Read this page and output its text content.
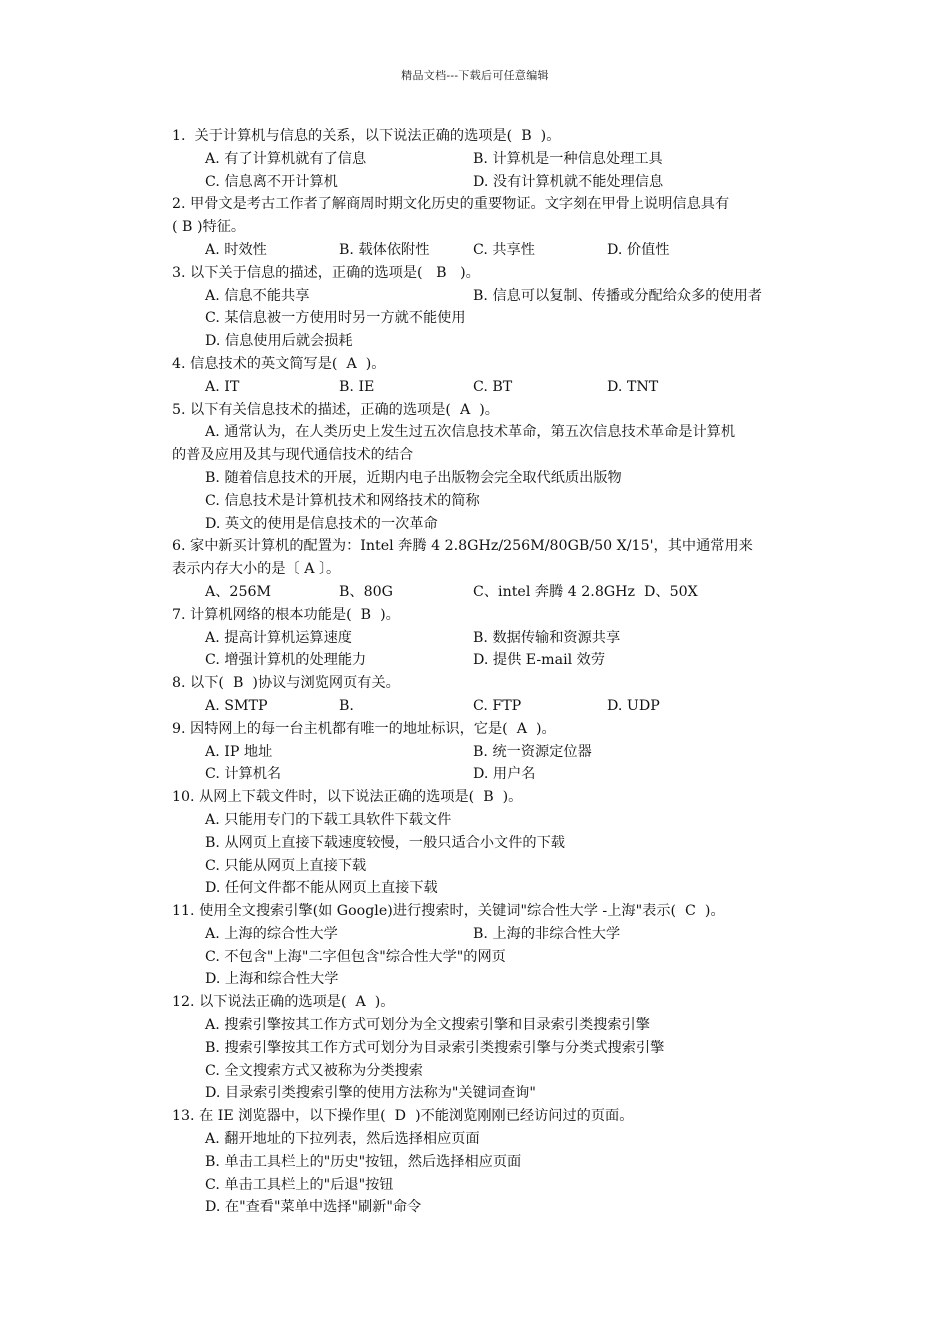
精品文档---下载后可任意编辑
1.  关于计算机与信息的关系，以下说法正确的选项是(  B  )。
A. 有了计算机就有了信息	B. 计算机是一种信息处理工具
C. 信息离不开计算机	D. 没有计算机就不能处理信息
2. 甲骨文是考古工作者了解商周时期文化历史的重要物证。文字刻在甲骨上说明信息具有
( B )特征。
A. 时效性	B. 载体依附性	C. 共享性	D. 价值性
3. 以下关于信息的描述，正确的选项是(   B   )。
A. 信息不能共享	B. 信息可以复制、传播或分配给众多的使用者
C. 某信息被一方使用时另一方就不能使用
D. 信息使用后就会损耗
4. 信息技术的英文简写是(  A  )。
A. IT	B. IE	C. BT	D. TNT
5. 以下有关信息技术的描述，正确的选项是(  A  )。
A. 通常认为，在人类历史上发生过五次信息技术革命，第五次信息技术革命是计算机
的普及应用及其与现代通信技术的结合
B. 随着信息技术的开展，近期内电子出版物会完全取代纸质出版物
C. 信息技术是计算机技术和网络技术的简称
D. 英文的使用是信息技术的一次革命
6. 家中新买计算机的配置为：Intel 奔腾 4 2.8GHz/256M/80GB/50 X/15'，其中通常用来
表示内存大小的是〔 A 〕。
A、256M	B、80G	C、intel 奔腾 4 2.8GHz  D、50X
7. 计算机网络的根本功能是(  B  )。
A. 提高计算机运算速度	B. 数据传输和资源共享
C. 增强计算机的处理能力	D. 提供 E-mail 效劳
8. 以下(  B  )协议与浏览网页有关。
A. SMTP	B.	C. FTP	D. UDP
9. 因特网上的每一台主机都有唯一的地址标识，它是(  A  )。
A. IP 地址	B. 统一资源定位器
C. 计算机名	D. 用户名
10. 从网上下载文件时，以下说法正确的选项是(  B  )。
A. 只能用专门的下载工具软件下载文件
B. 从网页上直接下载速度较慢，一般只适合小文件的下载
C. 只能从网页上直接下载
D. 任何文件都不能从网页上直接下载
11. 使用全文搜索引擎(如 Google)进行搜索时，关键词"综合性大学 -上海"表示(  C  )。
A. 上海的综合性大学	B. 上海的非综合性大学
C. 不包含"上海"二字但包含"综合性大学"的网页
D. 上海和综合性大学
12. 以下说法正确的选项是(  A  )。
A. 搜索引擎按其工作方式可划分为全文搜索引擎和目录索引类搜索引擎
B. 搜索引擎按其工作方式可划分为目录索引类搜索引擎与分类式搜索引擎
C. 全文搜索方式又被称为分类搜索
D. 目录索引类搜索引擎的使用方法称为"关键词查询"
13. 在 IE 浏览器中，以下操作里(  D  )不能浏览刚刚已经访问过的页面。
A. 翻开地址的下拉列表，然后选择相应页面
B. 单击工具栏上的"历史"按钮，然后选择相应页面
C. 单击工具栏上的"后退"按钮
D. 在"查看"菜单中选择"刷新"命令
